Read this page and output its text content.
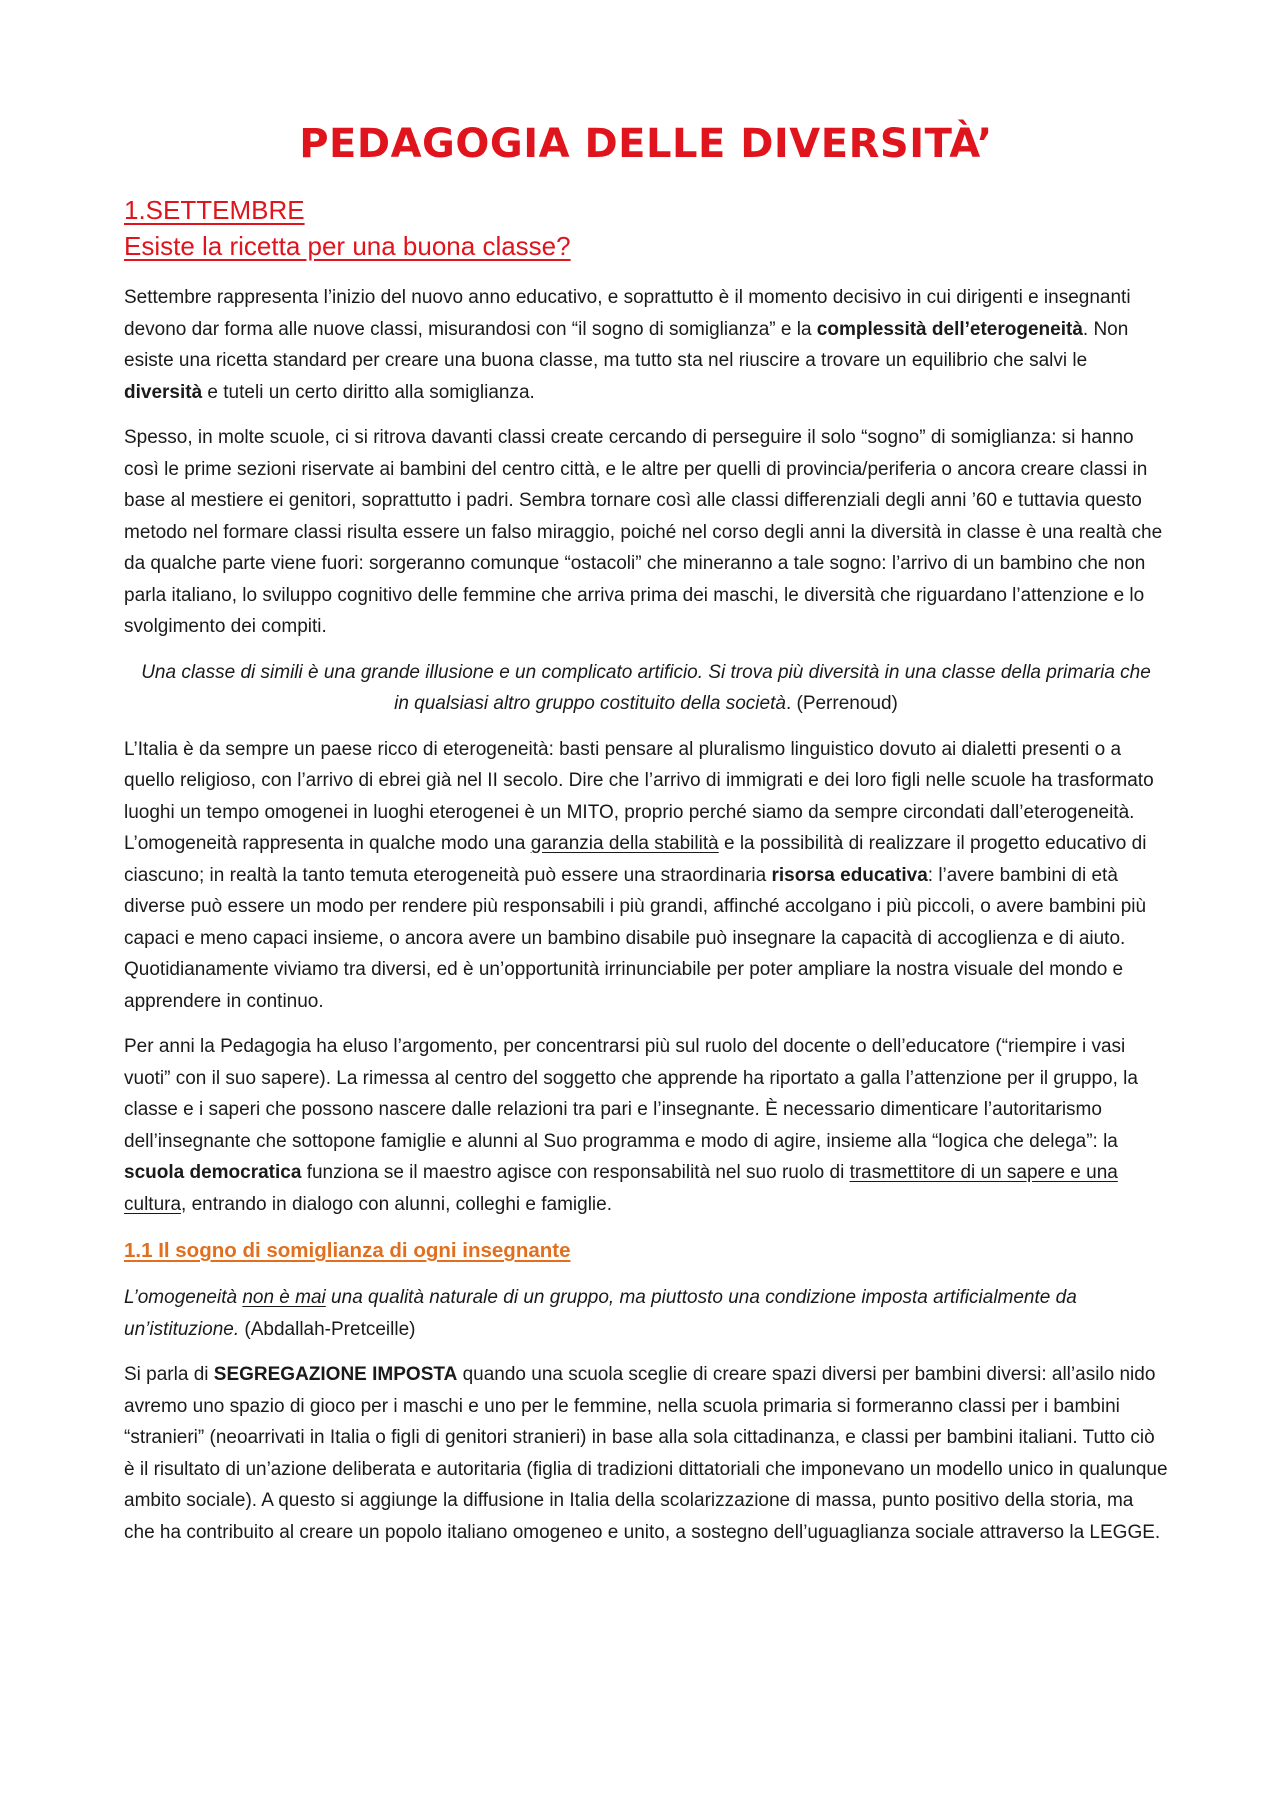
PEDAGOGIA DELLE DIVERSITÀ’
1.SETTEMBRE
Esiste la ricetta per una buona classe?

Settembre rappresenta l’inizio del nuovo anno educativo, e soprattutto è il momento decisivo in cui dirigenti e insegnanti devono dar forma alle nuove classi, misurandosi con “il sogno di somiglianza” e la complessità dell’eterogeneità. Non esiste una ricetta standard per creare una buona classe, ma tutto sta nel riuscire a trovare un equilibrio che salvi le diversità e tuteli un certo diritto alla somiglianza.

Spesso, in molte scuole, ci si ritrova davanti classi create cercando di perseguire il solo “sogno” di somiglianza: si hanno così le prime sezioni riservate ai bambini del centro città, e le altre per quelli di provincia/periferia o ancora creare classi in base al mestiere ei genitori, soprattutto i padri. Sembra tornare così alle classi differenziali degli anni ’60 e tuttavia questo metodo nel formare classi risulta essere un falso miraggio, poiché nel corso degli anni la diversità in classe è una realtà che da qualche parte viene fuori: sorgeranno comunque “ostacoli” che mineranno a tale sogno: l’arrivo di un bambino che non parla italiano, lo sviluppo cognitivo delle femmine che arriva prima dei maschi, le diversità che riguardano l’attenzione e lo svolgimento dei compiti.

Una classe di simili è una grande illusione e un complicato artificio. Si trova più diversità in una classe della primaria che in qualsiasi altro gruppo costituito della società. (Perrenoud)

L’Italia è da sempre un paese ricco di eterogeneità: basti pensare al pluralismo linguistico dovuto ai dialetti presenti o a quello religioso, con l’arrivo di ebrei già nel II secolo. Dire che l’arrivo di immigrati e dei loro figli nelle scuole ha trasformato luoghi un tempo omogenei in luoghi eterogenei è un MITO, proprio perché siamo da sempre circondati dall’eterogeneità.

L’omogeneità rappresenta in qualche modo una garanzia della stabilità e la possibilità di realizzare il progetto educativo di ciascuno; in realtà la tanto temuta eterogeneità può essere una straordinaria risorsa educativa: l’avere bambini di età diverse può essere un modo per rendere più responsabili i più grandi, affinché accolgano i più piccoli, o avere bambini più capaci e meno capaci insieme, o ancora avere un bambino disabile può insegnare la capacità di accoglienza e di aiuto. Quotidianamente viviamo tra diversi, ed è un’opportunità irrinunciabile per poter ampliare la nostra visuale del mondo e apprendere in continuo.

Per anni la Pedagogia ha eluso l’argomento, per concentrarsi più sul ruolo del docente o dell’educatore (“riempire i vasi vuoti” con il suo sapere). La rimessa al centro del soggetto che apprende ha riportato a galla l’attenzione per il gruppo, la classe e i saperi che possono nascere dalle relazioni tra pari e l’insegnante. È necessario dimenticare l’autoritarismo dell’insegnante che sottopone famiglie e alunni al Suo programma e modo di agire, insieme alla “logica che delega”: la scuola democratica funziona se il maestro agisce con responsabilità nel suo ruolo di trasmettitore di un sapere e una cultura, entrando in dialogo con alunni, colleghi e famiglie.

1.1 Il sogno di somiglianza di ogni insegnante

L’omogeneità non è mai una qualità naturale di un gruppo, ma piuttosto una condizione imposta artificialmente da un’istituzione. (Abdallah-Pretceille)

Si parla di SEGREGAZIONE IMPOSTA quando una scuola sceglie di creare spazi diversi per bambini diversi: all’asilo nido avremo uno spazio di gioco per i maschi e uno per le femmine, nella scuola primaria si formeranno classi per i bambini “stranieri” (neoarrivati in Italia o figli di genitori stranieri) in base alla sola cittadinanza, e classi per bambini italiani. Tutto ciò è il risultato di un’azione deliberata e autoritaria (figlia di tradizioni dittatoriali che imponevano un modello unico in qualunque ambito sociale). A questo si aggiunge la diffusione in Italia della scolarizzazione di massa, punto positivo della storia, ma che ha contribuito al creare un popolo italiano omogeneo e unito, a sostegno dell’uguaglianza sociale attraverso la LEGGE.
